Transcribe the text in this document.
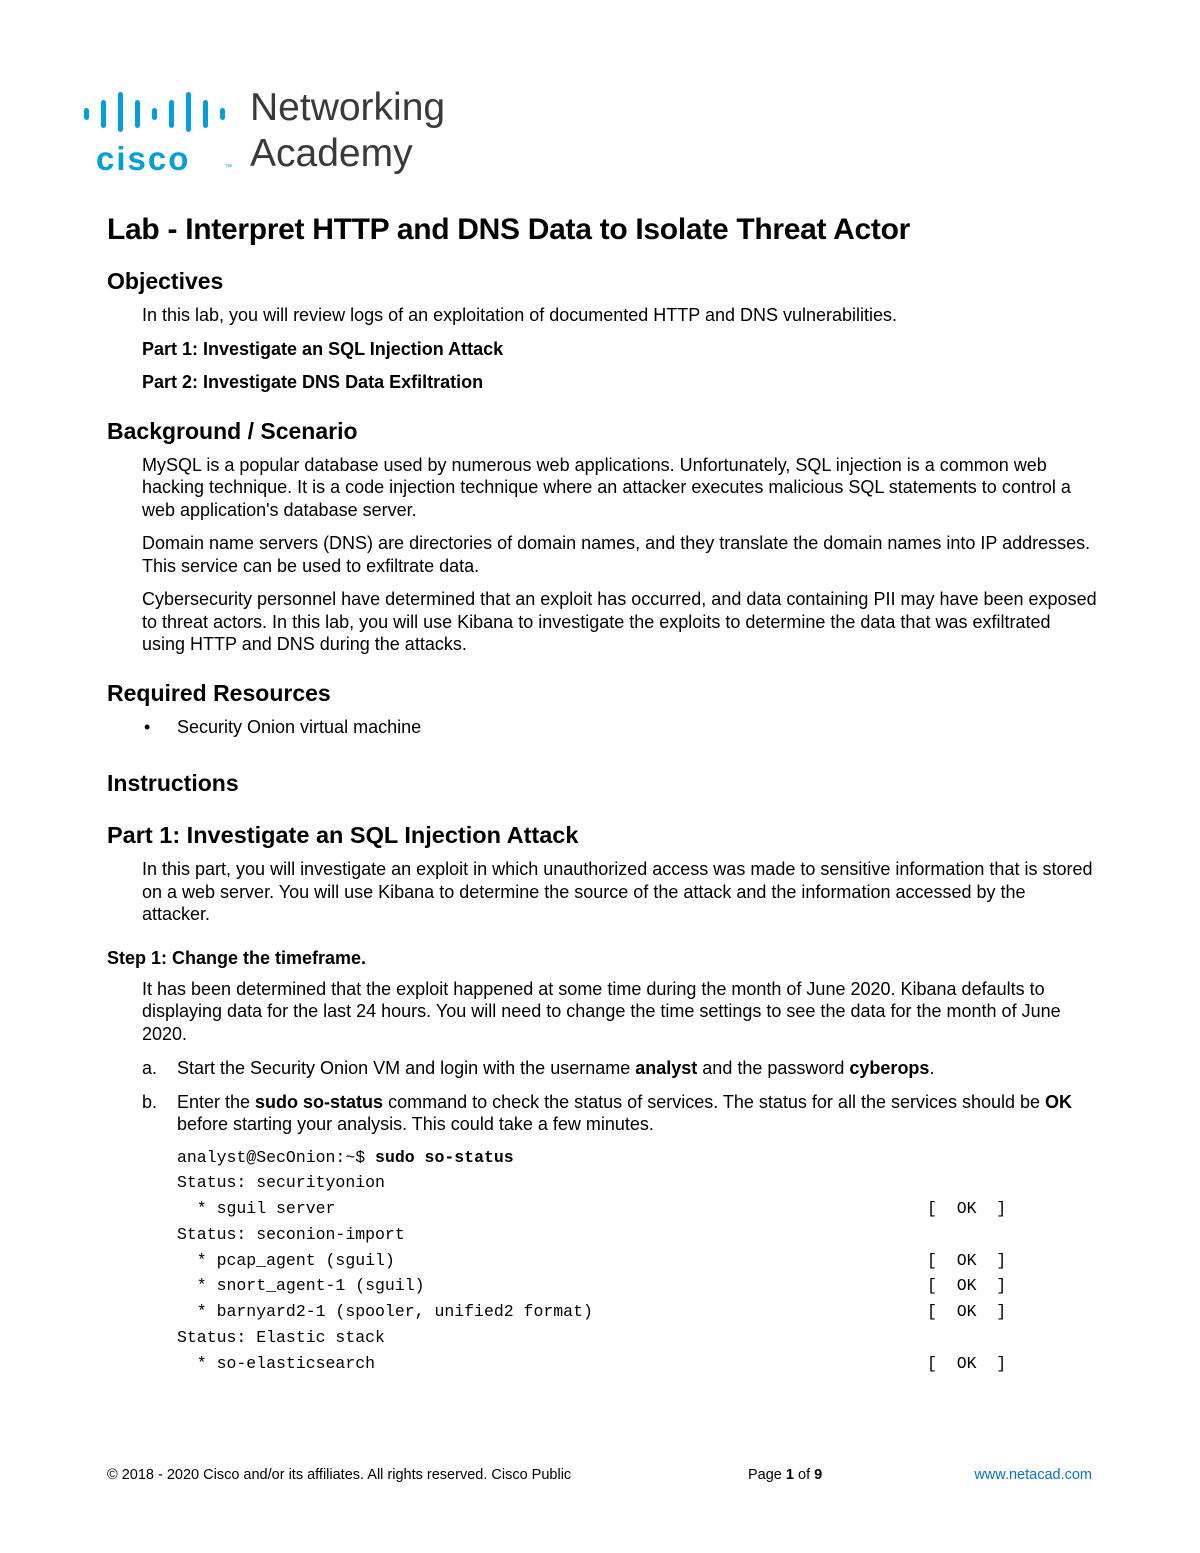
cisco	™
Networking
Academy
Lab - Interpret HTTP and DNS Data to Isolate Threat Actor
Objectives

In this lab, you will review logs of an exploitation of documented HTTP and DNS vulnerabilities.

Part 1: Investigate an SQL Injection Attack

Part 2: Investigate DNS Data Exfiltration

Background / Scenario

MySQL is a popular database used by numerous web applications. Unfortunately, SQL injection is a common web hacking technique. It is a code injection technique where an attacker executes malicious SQL statements to control a web application's database server.

Domain name servers (DNS) are directories of domain names, and they translate the domain names into IP addresses. This service can be used to exfiltrate data.

Cybersecurity personnel have determined that an exploit has occurred, and data containing PII may have been exposed to threat actors. In this lab, you will use Kibana to investigate the exploits to determine the data that was exfiltrated using HTTP and DNS during the attacks.

Required Resources
• Security Onion virtual machine
Instructions
Part 1: Investigate an SQL Injection Attack

In this part, you will investigate an exploit in which unauthorized access was made to sensitive information that is stored on a web server. You will use Kibana to determine the source of the attack and the information accessed by the attacker.

Step 1: Change the timeframe.

It has been determined that the exploit happened at some time during the month of June 2020. Kibana defaults to displaying data for the last 24 hours. You will need to change the time settings to see the data for the month of June 2020.

a. Start the Security Onion VM and login with the username analyst and the password cyberops.
b. Enter the sudo so-status command to check the status of services. The status for all the services should be OK before starting your analysis. This could take a few minutes.
analyst@SecOnion:~$ sudo so-status
Status: securityonion
* sguil server	[  OK  ]
Status: seconion-import
* pcap_agent (sguil)	[  OK  ]
* snort_agent-1 (sguil)	[  OK  ]
* barnyard2-1 (spooler, unified2 format)	[  OK  ]
Status: Elastic stack
* so-elasticsearch	[  OK  ]
© 2018 - 2020 Cisco and/or its affiliates. All rights reserved. Cisco Public	Page 1 of 9	www.netacad.com
